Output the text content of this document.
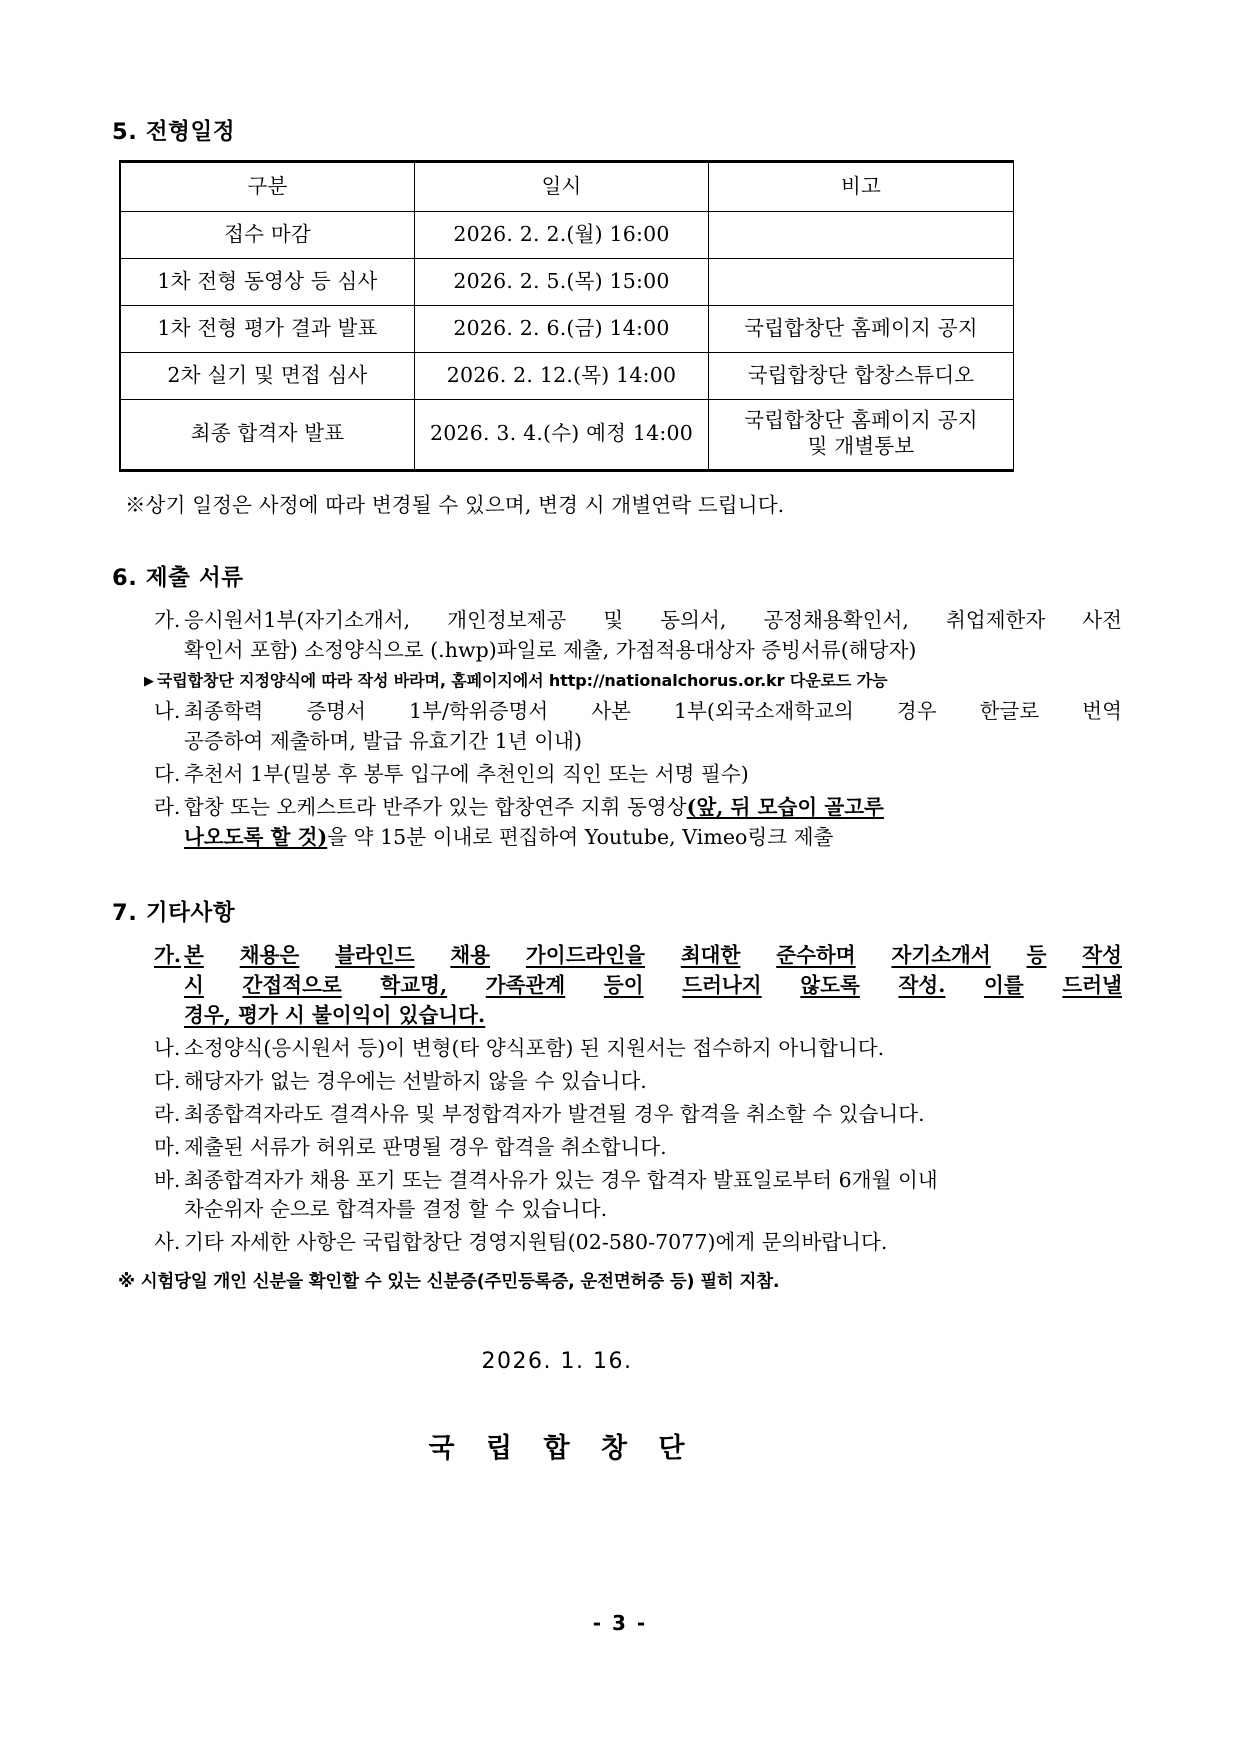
5. 전형일정
구분	일시	비고
접수 마감	2026. 2. 2.(월) 16:00	
1차 전형 동영상 등 심사	2026. 2. 5.(목) 15:00	
1차 전형 평가 결과 발표	2026. 2. 6.(금) 14:00	국립합창단 홈페이지 공지
2차 실기 및 면접 심사	2026. 2. 12.(목) 14:00	국립합창단 합창스튜디오
최종 합격자 발표	2026. 3. 4.(수) 예정 14:00	국립합창단 홈페이지 공지
및 개별통보
※상기 일정은 사정에 따라 변경될 수 있으며, 변경 시 개별연락 드립니다.
6. 제출 서류
가. 응시원서1부(자기소개서, 개인정보제공 및 동의서, 공정채용확인서, 취업제한자 사전
확인서 포함) 소정양식으로 (.hwp)파일로 제출, 가점적용대상자 증빙서류(해당자)
▶ 국립합창단 지정양식에 따라 작성 바라며, 홈페이지에서 http://nationalchorus.or.kr 다운로드 가능
나. 최종학력 증명서 1부/학위증명서 사본 1부(외국소재학교의 경우 한글로 번역
공증하여 제출하며, 발급 유효기간 1년 이내)
다. 추천서 1부(밀봉 후 봉투 입구에 추천인의 직인 또는 서명 필수)
라. 합창 또는 오케스트라 반주가 있는 합창연주 지휘 동영상(앞, 뒤 모습이 골고루
나오도록 할 것)을 약 15분 이내로 편집하여 Youtube, Vimeo링크 제출
7. 기타사항
가. 본 채용은 블라인드 채용 가이드라인을 최대한 준수하며 자기소개서 등 작성
시 간접적으로 학교명, 가족관계 등이 드러나지 않도록 작성. 이를 드러낼
경우, 평가 시 불이익이 있습니다.
나. 소정양식(응시원서 등)이 변형(타 양식포함) 된 지원서는 접수하지 아니합니다.
다. 해당자가 없는 경우에는 선발하지 않을 수 있습니다.
라. 최종합격자라도 결격사유 및 부정합격자가 발견될 경우 합격을 취소할 수 있습니다.
마. 제출된 서류가 허위로 판명될 경우 합격을 취소합니다.
바. 최종합격자가 채용 포기 또는 결격사유가 있는 경우 합격자 발표일로부터 6개월 이내
차순위자 순으로 합격자를 결정 할 수 있습니다.
사. 기타 자세한 사항은 국립합창단 경영지원팀(02-580-7077)에게 문의바랍니다.
※ 시험당일 개인 신분을 확인할 수 있는 신분증(주민등록증, 운전면허증 등) 필히 지참.
2026. 1. 16.
국 립 합 창 단
- 3 -
